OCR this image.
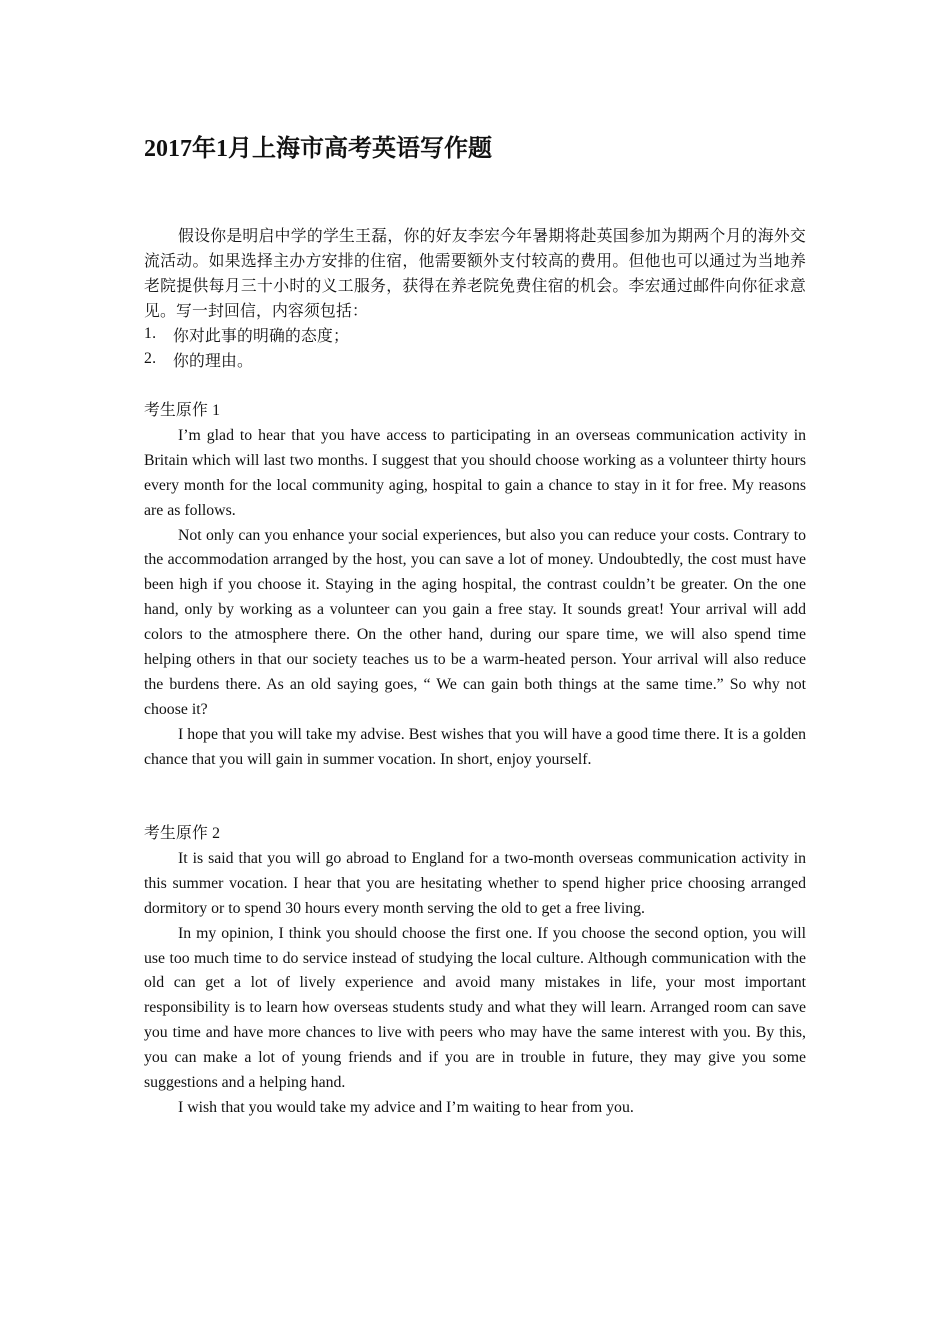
2017年1月上海市高考英语写作题

假设你是明启中学的学生王磊，你的好友李宏今年暑期将赴英国参加为期两个月的海外交流活动。如果选择主办方安排的住宿，他需要额外支付较高的费用。但他也可以通过为当地养老院提供每月三十小时的义工服务，获得在养老院免费住宿的机会。李宏通过邮件向你征求意见。写一封回信，内容须包括：

1.	你对此事的明确的态度；

2.	你的理由。

考生原作 1

I’m glad to hear that you have access to participating in an overseas communication activity in Britain which will last two months. I suggest that you should choose working as a volunteer thirty hours every month for the local community aging, hospital to gain a chance to stay in it for free. My reasons are as follows.

Not only can you enhance your social experiences, but also you can reduce your costs. Contrary to the accommodation arranged by the host, you can save a lot of money. Undoubtedly, the cost must have been high if you choose it. Staying in the aging hospital, the contrast couldn’t be greater. On the one hand, only by working as a volunteer can you gain a free stay. It sounds great! Your arrival will add colors to the atmosphere there. On the other hand, during our spare time, we will also spend time helping others in that our society teaches us to be a warm-heated person. Your arrival will also reduce the burdens there. As an old saying goes, “ We can gain both things at the same time.” So why not choose it?

I hope that you will take my advise. Best wishes that you will have a good time there. It is a golden chance that you will gain in summer vocation. In short, enjoy yourself.

考生原作 2

It is said that you will go abroad to England for a two-month overseas communication activity in this summer vocation. I hear that you are hesitating whether to spend higher price choosing arranged dormitory or to spend 30 hours every month serving the old to get a free living.

In my opinion, I think you should choose the first one. If you choose the second option, you will use too much time to do service instead of studying the local culture. Although communication with the old can get a lot of lively experience and avoid many mistakes in life, your most important responsibility is to learn how overseas students study and what they will learn. Arranged room can save you time and have more chances to live with peers who may have the same interest with you. By this, you can make a lot of young friends and if you are in trouble in future, they may give you some suggestions and a helping hand.

I wish that you would take my advice and I’m waiting to hear from you.
